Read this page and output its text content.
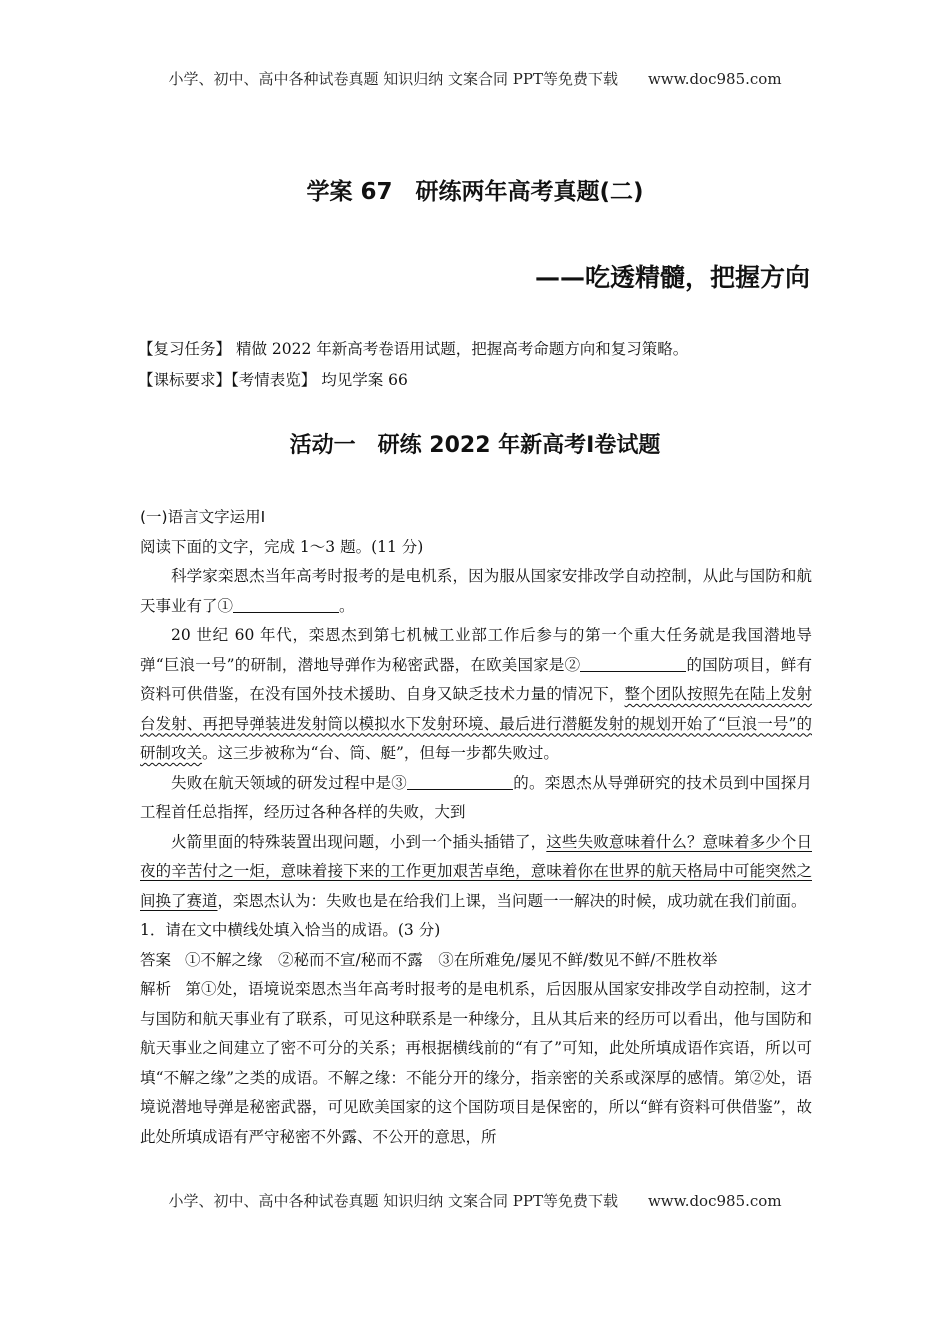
小学、初中、高中各种试卷真题 知识归纳 文案合同 PPT等免费下载 www.doc985.com
学案 67　研练两年高考真题(二)
——吃透精髓，把握方向
【复习任务】 精做 2022 年新高考卷语用试题，把握高考命题方向和复习策略。
【课标要求】【考情表览】 均见学案 66
活动一　研练 2022 年新高考Ⅰ卷试题

(一)语言文字运用Ⅰ

阅读下面的文字，完成 1～3 题。(11 分)

科学家栾恩杰当年高考时报考的是电机系，因为服从国家安排改学自动控制，从此与国防和航天事业有了①	。

20 世纪 60 年代，栾恩杰到第七机械工业部工作后参与的第一个重大任务就是我国潜地导弹“巨浪一号”的研制，潜地导弹作为秘密武器，在欧美国家是②	的国防项目，鲜有资料可供借鉴，在没有国外技术援助、自身又缺乏技术力量的情况下，整个团队按照先在陆上发射台发射、再把导弹装进发射筒以模拟水下发射环境、最后进行潜艇发射的规划开始了“巨浪一号”的研制攻关。这三步被称为“台、筒、艇”，但每一步都失败过。

失败在航天领域的研发过程中是③	的。栾恩杰从导弹研究的技术员到中国探月工程首任总指挥，经历过各种各样的失败，大到

火箭里面的特殊装置出现问题，小到一个插头插错了，这些失败意味着什么？意味着多少个日夜的辛苦付之一炬，意味着接下来的工作更加艰苦卓绝，意味着你在世界的航天格局中可能突然之间换了赛道，栾恩杰认为：失败也是在给我们上课，当问题一一解决的时候，成功就在我们前面。

1．请在文中横线处填入恰当的成语。(3 分)

答案 ①不解之缘　②秘而不宣/秘而不露　③在所难免/屡见不鲜/数见不鲜/不胜枚举

解析 第①处，语境说栾恩杰当年高考时报考的是电机系，后因服从国家安排改学自动控制，这才与国防和航天事业有了联系，可见这种联系是一种缘分，且从其后来的经历可以看出，他与国防和航天事业之间建立了密不可分的关系；再根据横线前的“有了”可知，此处所填成语作宾语，所以可填“不解之缘”之类的成语。不解之缘：不能分开的缘分，指亲密的关系或深厚的感情。第②处，语境说潜地导弹是秘密武器，可见欧美国家的这个国防项目是保密的，所以“鲜有资料可供借鉴”，故此处所填成语有严守秘密不外露、不公开的意思，所

小学、初中、高中各种试卷真题 知识归纳 文案合同 PPT等免费下载 www.doc985.com
